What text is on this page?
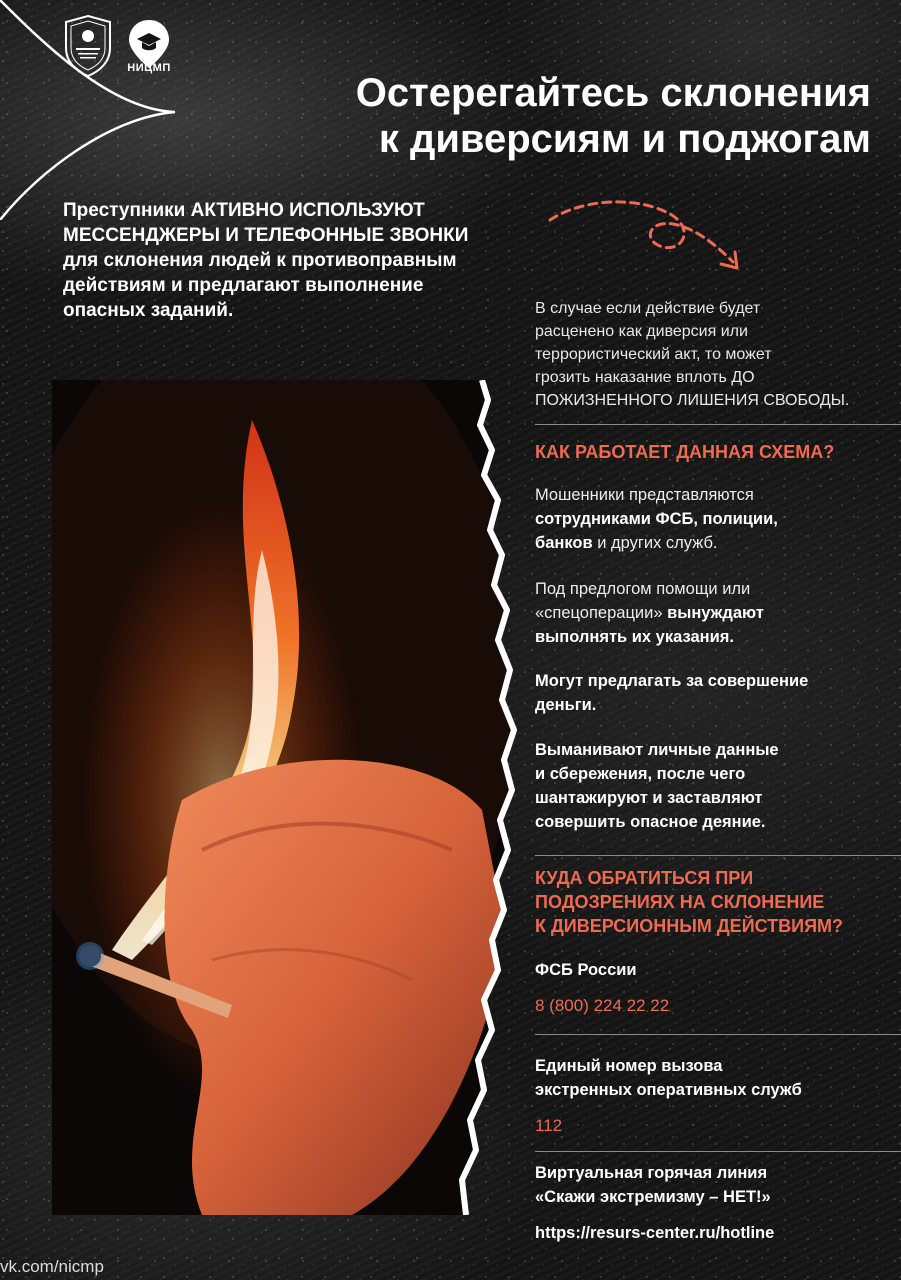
НИЦМП
Остерегайтесь склонения
к диверсиям и поджогам
Преступники АКТИВНО ИСПОЛЬЗУЮТ
МЕССЕНДЖЕРЫ И ТЕЛЕФОННЫЕ ЗВОНКИ
для склонения людей к противоправным
действиям и предлагают выполнение
опасных заданий.	В случае если действие будет
расценено как диверсия или
террористический акт, то может
грозить наказание вплоть ДО
ПОЖИЗНЕННОГО ЛИШЕНИЯ СВОБОДЫ.
КАК РАБОТАЕТ ДАННАЯ СХЕМА?
Мошенники представляются
сотрудниками ФСБ, полиции,
банков и других служб.
Под предлогом помощи или
«спецоперации» вынуждают
выполнять их указания.
Могут предлагать за совершение
деньги.
Выманивают личные данные
и сбережения, после чего
шантажируют и заставляют
совершить опасное деяние.
КУДА ОБРАТИТЬСЯ ПРИ
ПОДОЗРЕНИЯХ НА СКЛОНЕНИЕ
К ДИВЕРСИОННЫМ ДЕЙСТВИЯМ?
ФСБ России
8 (800) 224 22 22
Единый номер вызова
экстренных оперативных служб
112
Виртуальная горячая линия
«Скажи экстремизму – НЕТ!»
https://resurs-center.ru/hotline
vk.com/nicmp
